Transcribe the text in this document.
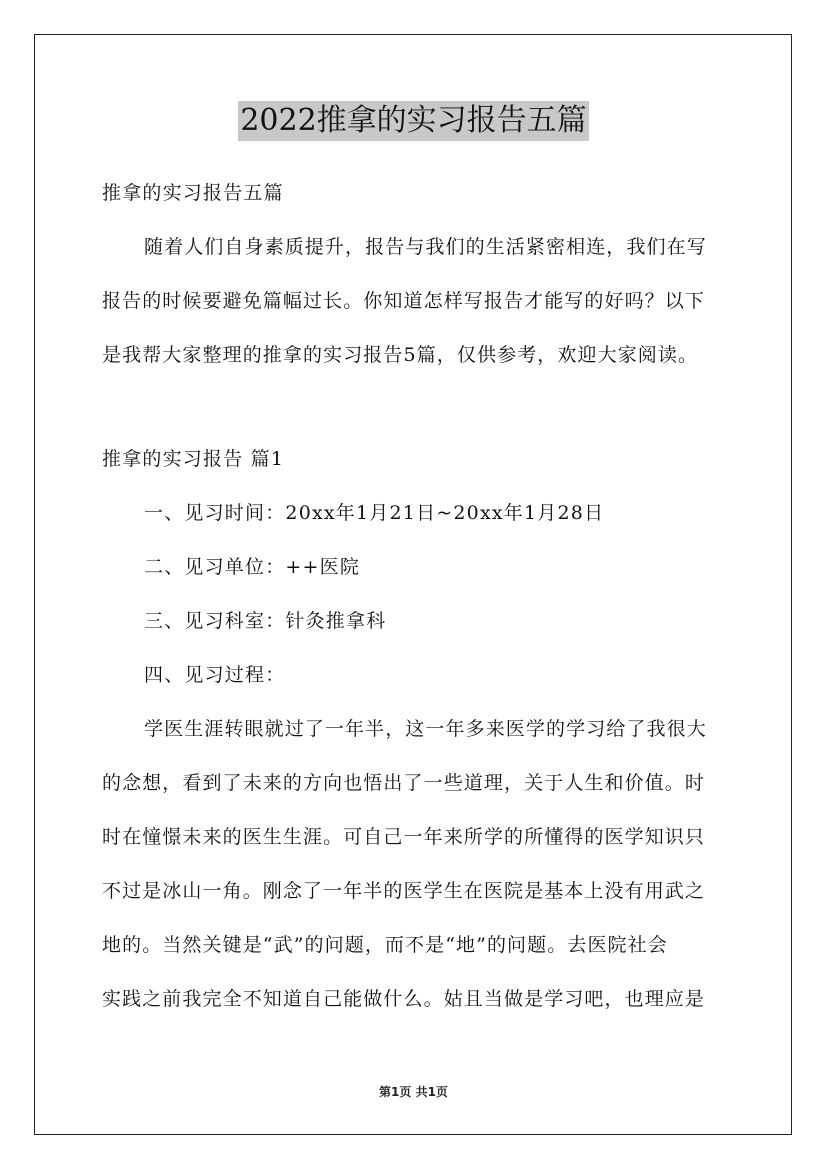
2022推拿的实习报告五篇
推拿的实习报告五篇
随着人们自身素质提升，报告与我们的生活紧密相连，我们在写
报告的时候要避免篇幅过长。你知道怎样写报告才能写的好吗？以下
是我帮大家整理的推拿的实习报告5篇，仅供参考，欢迎大家阅读。
推拿的实习报告 篇1
一、见习时间：20xx年1月21日~20xx年1月28日
二、见习单位：++医院
三、见习科室：针灸推拿科
四、见习过程：
学医生涯转眼就过了一年半，这一年多来医学的学习给了我很大
的念想，看到了未来的方向也悟出了一些道理，关于人生和价值。时
时在憧憬未来的医生生涯。可自己一年来所学的所懂得的医学知识只
不过是冰山一角。刚念了一年半的医学生在医院是基本上没有用武之
地的。当然关键是“武”的问题，而不是“地”的问题。去医院社会
实践之前我完全不知道自己能做什么。姑且当做是学习吧，也理应是
第1页 共1页
